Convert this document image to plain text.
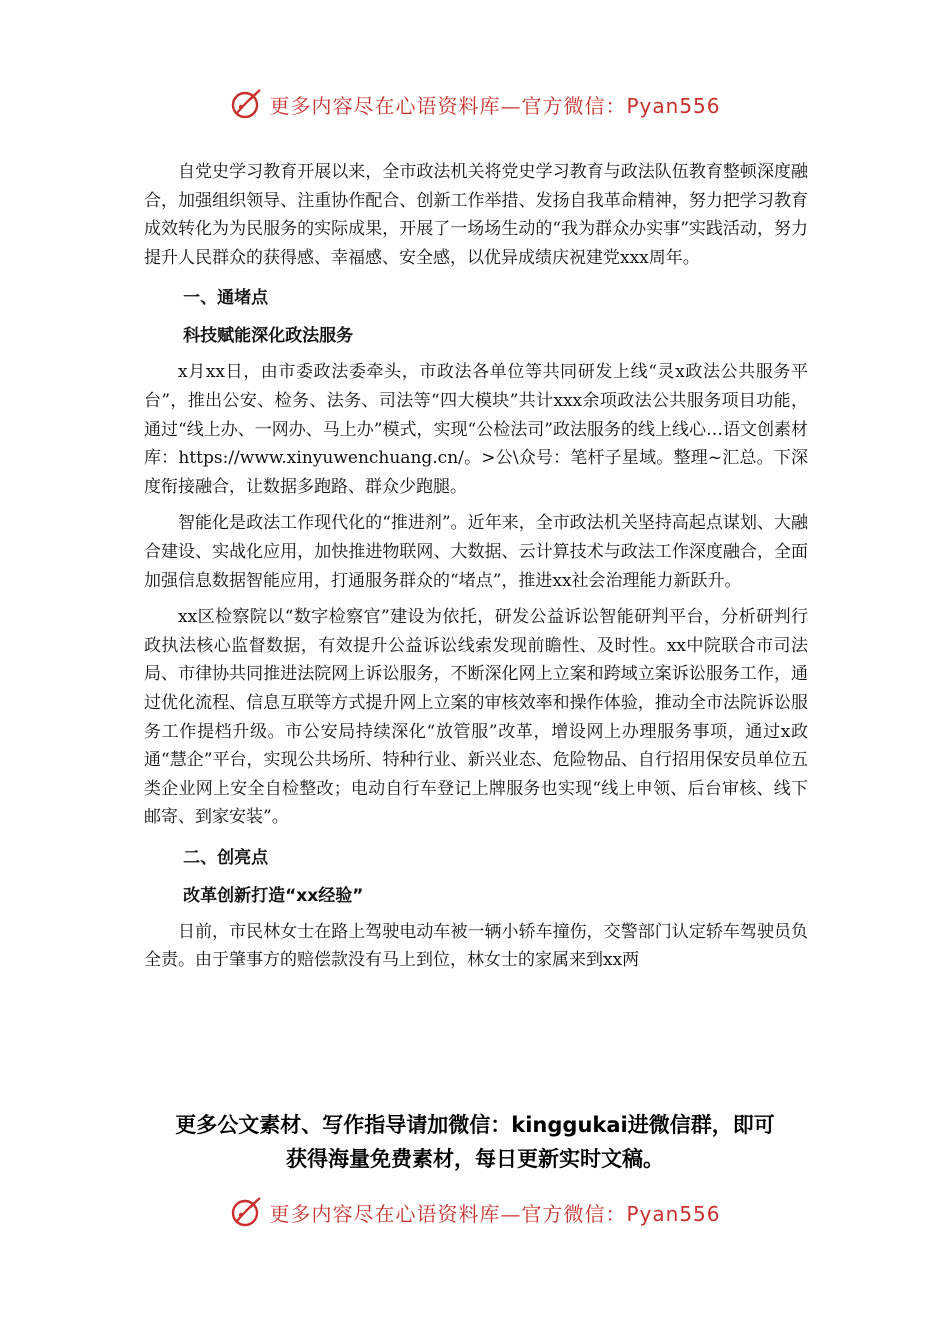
更多内容尽在心语资料库—官方微信：Pyan556

自党史学习教育开展以来，全市政法机关将党史学习教育与政法队伍教育整顿深度融合，加强组织领导、注重协作配合、创新工作举措、发扬自我革命精神，努力把学习教育成效转化为为民服务的实际成果，开展了一场场生动的“我为群众办实事”实践活动，努力提升人民群众的获得感、幸福感、安全感，以优异成绩庆祝建党xxx周年。

一、通堵点

科技赋能深化政法服务

x月xx日，由市委政法委牵头，市政法各单位等共同研发上线“灵x政法公共服务平台”，推出公安、检务、法务、司法等“四大模块”共计xxx余项政法公共服务项目功能，通过“线上办、一网办、马上办”模式，实现“公检法司”政法服务的线上线心…语文创素材库：https://www.xinyuwenchuang.cn/。>公\众号：笔杆子星域。整理~汇总。下深度衔接融合，让数据多跑路、群众少跑腿。

智能化是政法工作现代化的“推进剂”。近年来，全市政法机关坚持高起点谋划、大融合建设、实战化应用，加快推进物联网、大数据、云计算技术与政法工作深度融合，全面加强信息数据智能应用，打通服务群众的“堵点”，推进xx社会治理能力新跃升。

xx区检察院以“数字检察官”建设为依托，研发公益诉讼智能研判平台，分析研判行政执法核心监督数据，有效提升公益诉讼线索发现前瞻性、及时性。xx中院联合市司法局、市律协共同推进法院网上诉讼服务，不断深化网上立案和跨域立案诉讼服务工作，通过优化流程、信息互联等方式提升网上立案的审核效率和操作体验，推动全市法院诉讼服务工作提档升级。市公安局持续深化“放管服”改革，增设网上办理服务事项，通过x政通“慧企”平台，实现公共场所、特种行业、新兴业态、危险物品、自行招用保安员单位五类企业网上安全自检整改；电动自行车登记上牌服务也实现“线上申领、后台审核、线下邮寄、到家安装”。

二、创亮点

改革创新打造“xx经验”

日前，市民林女士在路上驾驶电动车被一辆小轿车撞伤，交警部门认定轿车驾驶员负全责。由于肇事方的赔偿款没有马上到位，林女士的家属来到xx两

更多公文素材、写作指导请加微信：kinggukai进微信群，即可
获得海量免费素材，每日更新实时文稿。
更多内容尽在心语资料库—官方微信：Pyan556
